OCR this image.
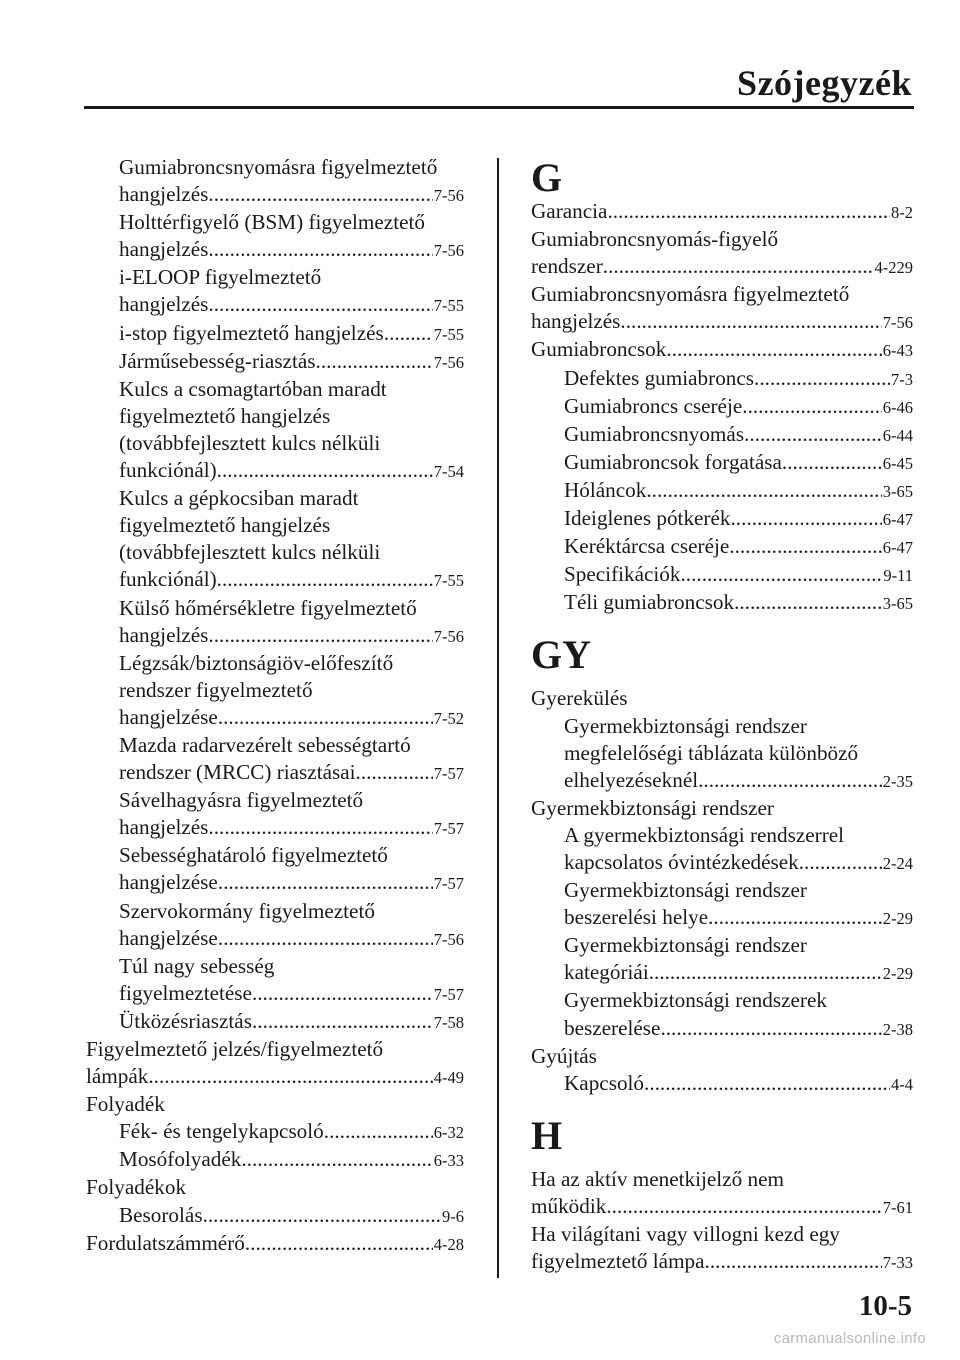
Szójegyzék
Gumiabroncsnyomásra figyelmeztető
hangjelzés .....	7-56
Holttérfigyelő (BSM) figyelmeztető
hangjelzés .....	7-56
i-ELOOP figyelmeztető
hangjelzés .....	7-55
i-stop figyelmeztető hangjelzés .....	7-55
Járműsebesség-riasztás .....	7-56
Kulcs a csomagtartóban maradt
figyelmeztető hangjelzés
(továbbfejlesztett kulcs nélküli
funkciónál) .....	7-54
Kulcs a gépkocsiban maradt
figyelmeztető hangjelzés
(továbbfejlesztett kulcs nélküli
funkciónál) .....	7-55
Külső hőmérsékletre figyelmeztető
hangjelzés .....	7-56
Légzsák/biztonságiöv-előfeszítő
rendszer figyelmeztető
hangjelzése .....	7-52
Mazda radarvezérelt sebességtartó
rendszer (MRCC) riasztásai .....	7-57
Sávelhagyásra figyelmeztető
hangjelzés .....	7-57
Sebességhatároló figyelmeztető
hangjelzése .....	7-57
Szervokormány figyelmeztető
hangjelzése .....	7-56
Túl nagy sebesség
figyelmeztetése .....	7-57
Ütközésriasztás .....	7-58
Figyelmeztető jelzés/figyelmeztető
lámpák .....	4-49
Folyadék
Fék- és tengelykapcsoló .....	6-32
Mosófolyadék .....	6-33
Folyadékok
Besorolás .....	9-6
Fordulatszámmérő .....	4-28
G
Garancia .....	8-2
Gumiabroncsnyomás-figyelő
rendszer .....	4-229
Gumiabroncsnyomásra figyelmeztető
hangjelzés .....	7-56
Gumiabroncsok .....	6-43
Defektes gumiabroncs .....	7-3
Gumiabroncs cseréje .....	6-46
Gumiabroncsnyomás .....	6-44
Gumiabroncsok forgatása .....	6-45
Hóláncok .....	3-65
Ideiglenes pótkerék .....	6-47
Keréktárcsa cseréje .....	6-47
Specifikációk .....	9-11
Téli gumiabroncsok .....	3-65
GY
Gyerekülés
Gyermekbiztonsági rendszer
megfelelőségi táblázata különböző
elhelyezéseknél .....	2-35
Gyermekbiztonsági rendszer
A gyermekbiztonsági rendszerrel
kapcsolatos óvintézkedések .....	2-24
Gyermekbiztonsági rendszer
beszerelési helye .....	2-29
Gyermekbiztonsági rendszer
kategóriái .....	2-29
Gyermekbiztonsági rendszerek
beszerelése .....	2-38
Gyújtás
Kapcsoló .....	4-4
H
Ha az aktív menetkijelző nem
működik .....	7-61
Ha világítani vagy villogni kezd egy
figyelmeztető lámpa .....	7-33
10-5
carmanualsonline.info
